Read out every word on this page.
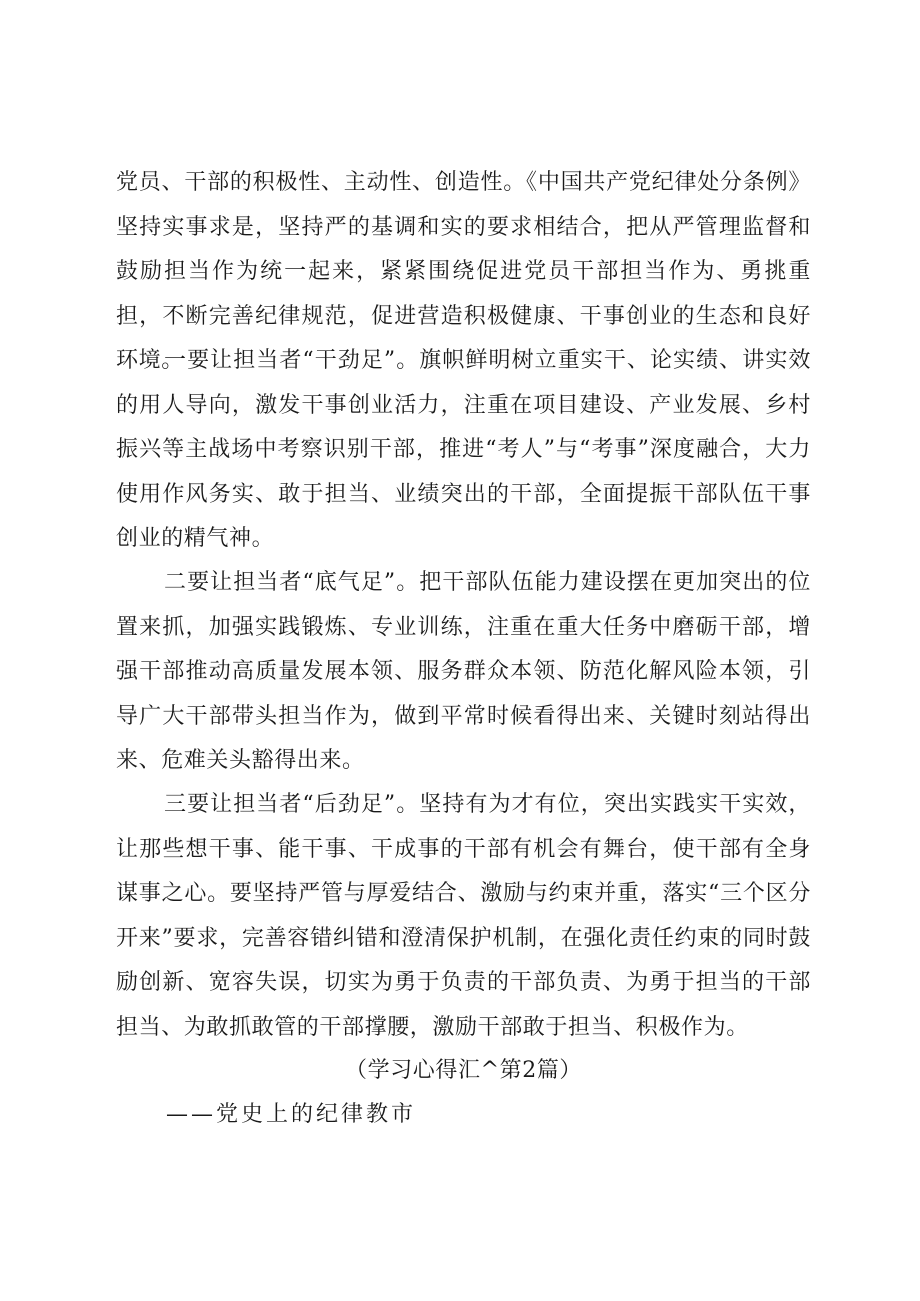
党员、干部的积极性、主动性、创造性。《中国共产党纪律处分条例》坚持实事求是，坚持严的基调和实的要求相结合，把从严管理监督和鼓励担当作为统一起来，紧紧围绕促进党员干部担当作为、勇挑重担，不断完善纪律规范，促进营造积极健康、干事创业的生态和良好环境。

一要让担当者“干劲足”。旗帜鲜明树立重实干、论实绩、讲实效的用人导向，激发干事创业活力，注重在项目建设、产业发展、乡村振兴等主战场中考察识别干部，推进“考人”与“考事”深度融合，大力使用作风务实、敢于担当、业绩突出的干部，全面提振干部队伍干事创业的精气神。

二要让担当者“底气足”。把干部队伍能力建设摆在更加突出的位置来抓，加强实践锻炼、专业训练，注重在重大任务中磨砺干部，增强干部推动高质量发展本领、服务群众本领、防范化解风险本领，引导广大干部带头担当作为，做到平常时候看得出来、关键时刻站得出来、危难关头豁得出来。

三要让担当者“后劲足”。坚持有为才有位，突出实践实干实效，让那些想干事、能干事、干成事的干部有机会有舞台，使干部有全身谋事之心。要坚持严管与厚爱结合、激励与约束并重，落实“三个区分开来”要求，完善容错纠错和澄清保护机制，在强化责任约束的同时鼓励创新、宽容失误，切实为勇于负责的干部负责、为勇于担当的干部担当、为敢抓敢管的干部撑腰，激励干部敢于担当、积极作为。

（学习心得汇^第2篇）

——党史上的纪律教市
